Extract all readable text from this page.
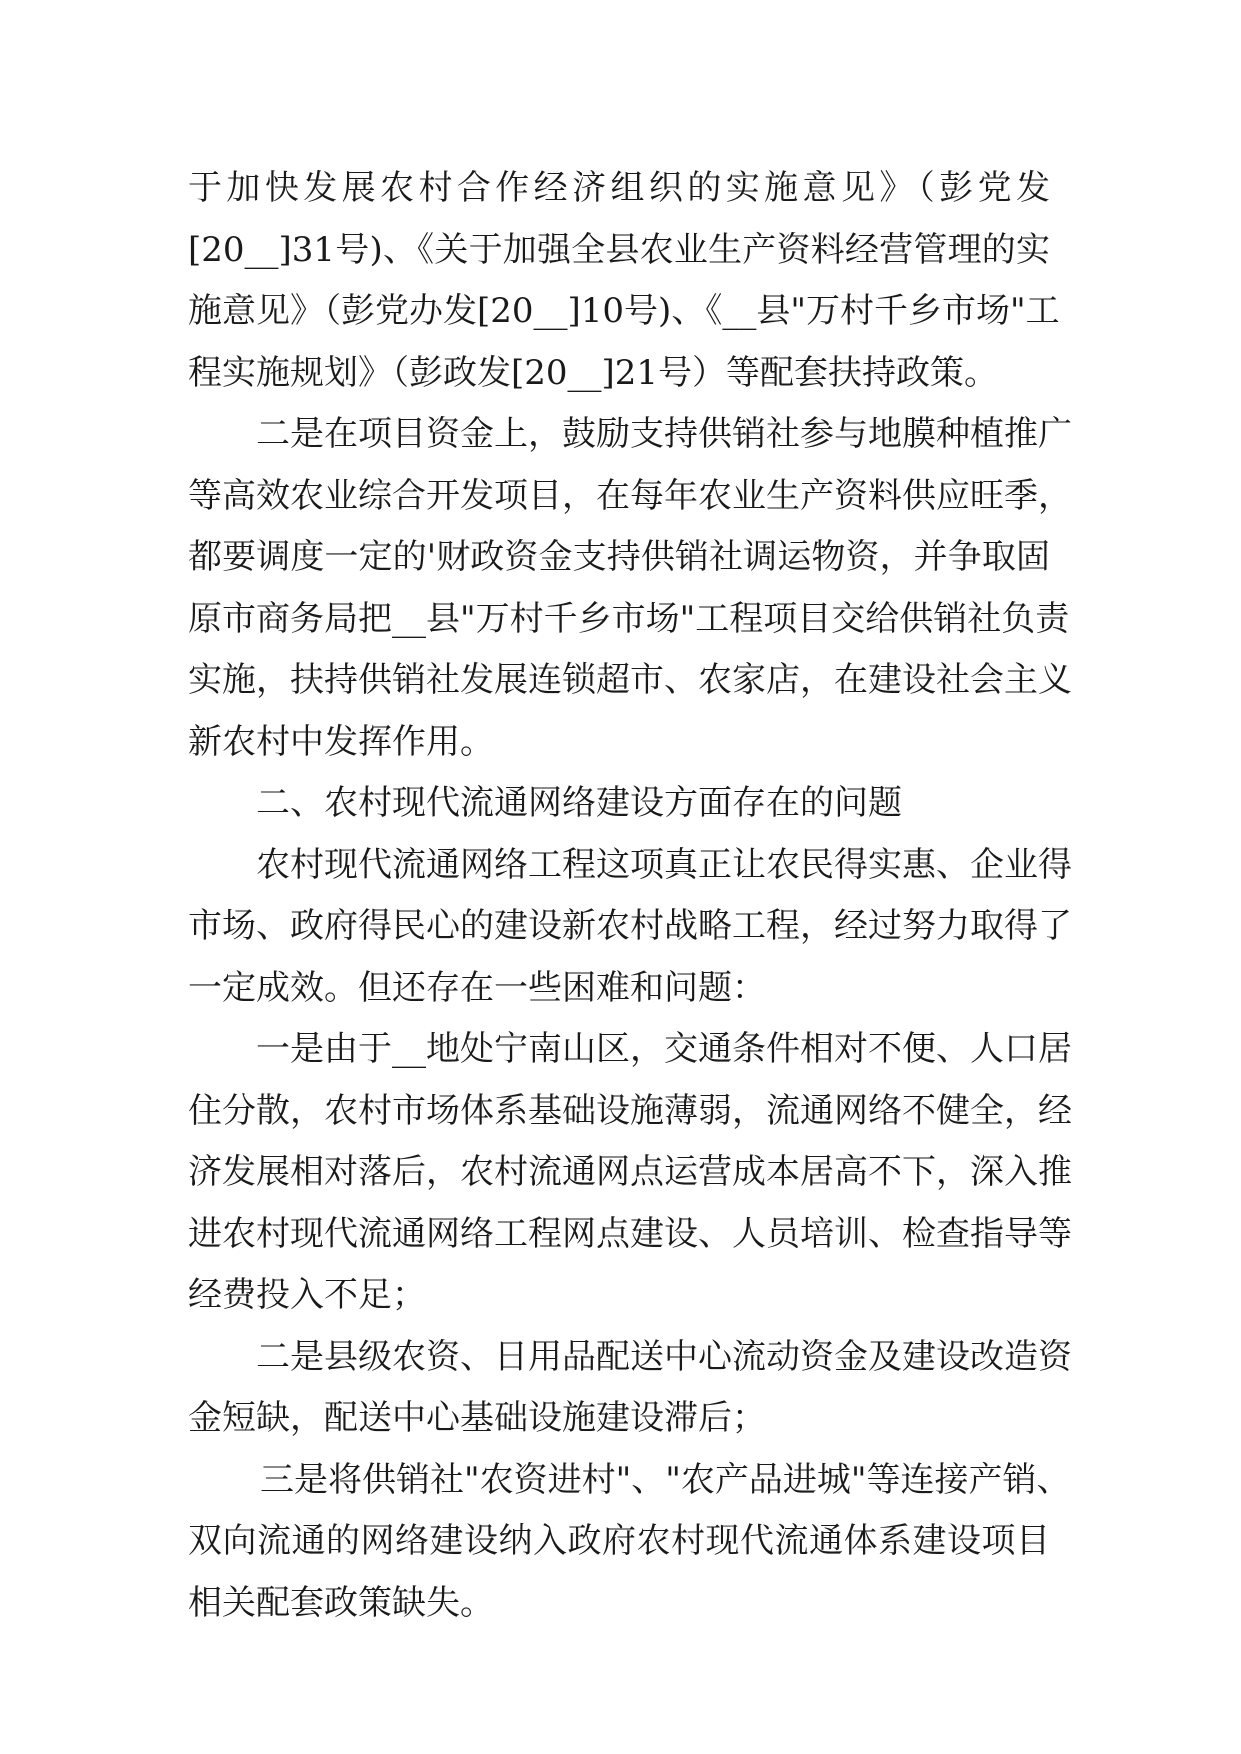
于加快发展农村合作经济组织的实施意见》（彭党发
[20__]31号)、《关于加强全县农业生产资料经营管理的实
施意见》（彭党办发[20__]10号)、《__县"万村千乡市场"工
程实施规划》（彭政发[20__]21号）等配套扶持政策。
二是在项目资金上，鼓励支持供销社参与地膜种植推广
等高效农业综合开发项目，在每年农业生产资料供应旺季，
都要调度一定的'财政资金支持供销社调运物资，并争取固
原市商务局把__县"万村千乡市场"工程项目交给供销社负责
实施，扶持供销社发展连锁超市、农家店，在建设社会主义
新农村中发挥作用。
二、农村现代流通网络建设方面存在的问题
农村现代流通网络工程这项真正让农民得实惠、企业得
市场、政府得民心的建设新农村战略工程，经过努力取得了
一定成效。但还存在一些困难和问题：
一是由于__地处宁南山区，交通条件相对不便、人口居
住分散，农村市场体系基础设施薄弱，流通网络不健全，经
济发展相对落后，农村流通网点运营成本居高不下，深入推
进农村现代流通网络工程网点建设、人员培训、检查指导等
经费投入不足；
二是县级农资、日用品配送中心流动资金及建设改造资
金短缺，配送中心基础设施建设滞后；
三是将供销社"农资进村"、"农产品进城"等连接产销、
双向流通的网络建设纳入政府农村现代流通体系建设项目
相关配套政策缺失。
